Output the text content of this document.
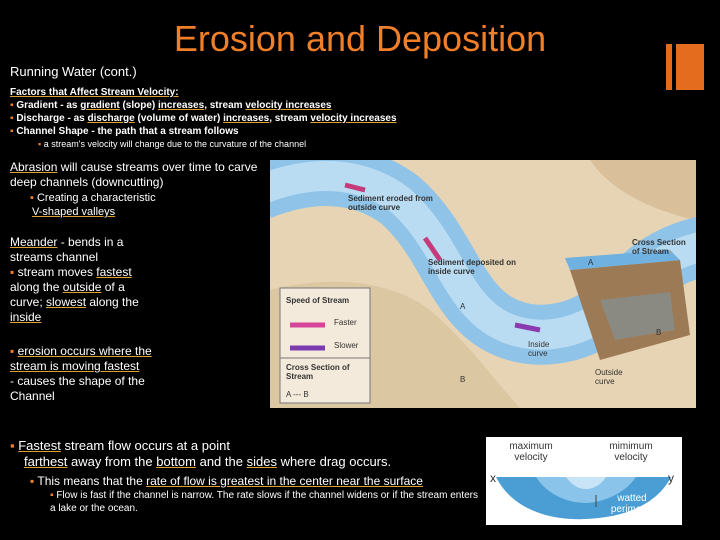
Erosion and Deposition
Running Water (cont.)
Factors that Affect Stream Velocity:
▪ Gradient - as gradient (slope) increases, stream velocity increases
▪ Discharge - as discharge (volume of water) increases, stream velocity increases
▪ Channel Shape - the path that a stream follows
▪ a stream's velocity will change due to the curvature of the channel
Abrasion will cause streams over time to carve deep channels (downcutting)
▪ Creating a characteristic
V-shaped valleys
Meander - bends in a streams channel
▪ stream moves fastest along the outside of a curve; slowest along the inside
▪ erosion occurs where the stream is moving fastest
- causes the shape of the Channel
▪ Fastest stream flow occurs at a point
farthest away from the bottom and the sides where drag occurs.
▪ This means that the rate of flow is greatest in the center near the surface
▪ Flow is fast if the channel is narrow. The rate slows if the channel widens or if the stream enters a lake or the ocean.
Sediment eroded from outside curve
Sediment deposited on inside curve
Cross Section of Stream
Speed of Stream
Faster
Slower
Cross Section of Stream
A --- B
Inside curve
Outside curve
A
A
B
B
maximum velocity
mimimum velocity
x	y
watted perimeter
